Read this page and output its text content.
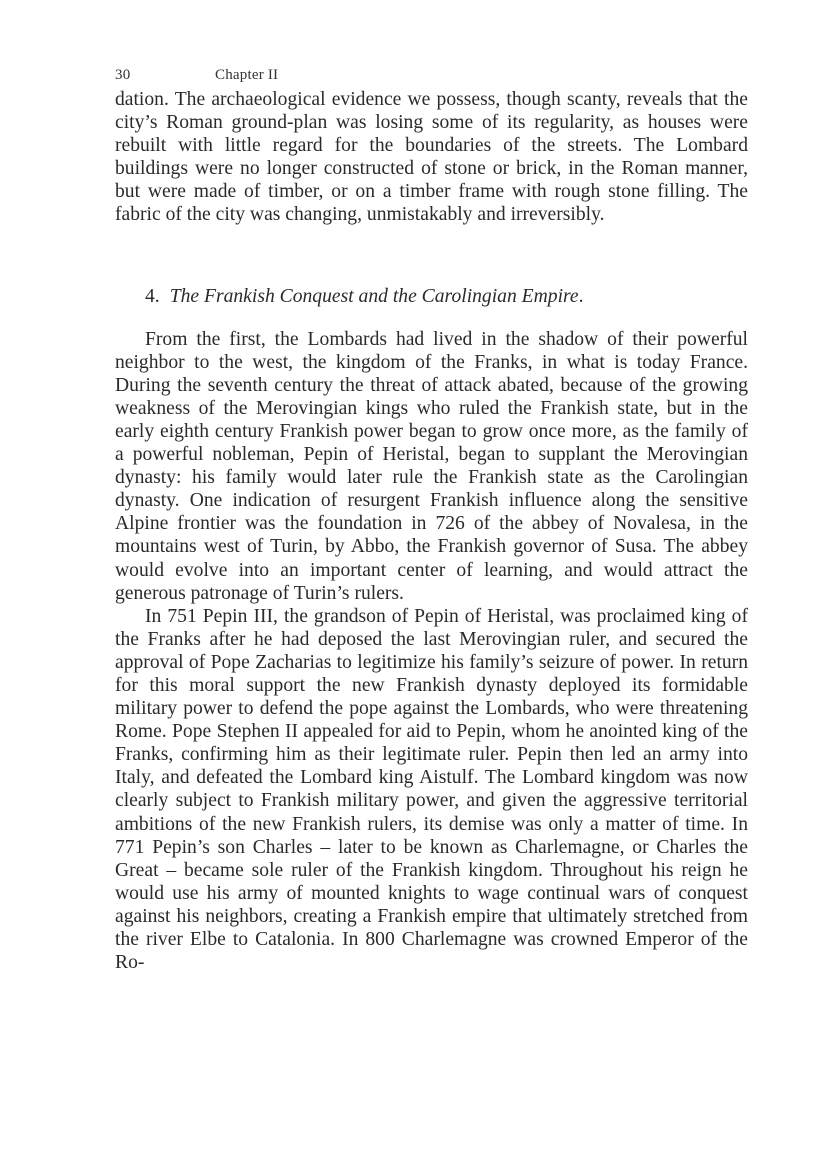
30	Chapter II

dation. The archaeological evidence we possess, though scanty, reveals that the city’s Roman ground-plan was losing some of its regularity, as houses were rebuilt with little regard for the boundaries of the streets. The Lombard buildings were no longer constructed of stone or brick, in the Roman manner, but were made of timber, or on a timber frame with rough stone filling. The fabric of the city was changing, unmistakably and irreversibly.

4. The Frankish Conquest and the Carolingian Empire.

From the first, the Lombards had lived in the shadow of their powerful neighbor to the west, the kingdom of the Franks, in what is today France. During the seventh century the threat of attack abated, because of the growing weakness of the Merovingian kings who ruled the Frankish state, but in the early eighth century Frankish power began to grow once more, as the family of a powerful nobleman, Pepin of Heristal, began to supplant the Merovingian dynasty: his family would later rule the Frankish state as the Carolingian dynasty. One indication of resurgent Frankish influence along the sensitive Alpine frontier was the foundation in 726 of the abbey of Novalesa, in the mountains west of Turin, by Abbo, the Frankish governor of Susa. The abbey would evolve into an important center of learning, and would attract the generous patronage of Turin’s rulers.

In 751 Pepin III, the grandson of Pepin of Heristal, was proclaimed king of the Franks after he had deposed the last Merovingian ruler, and secured the approval of Pope Zacharias to legitimize his family’s seizure of power. In return for this moral support the new Frankish dynasty deployed its formidable military power to defend the pope against the Lombards, who were threatening Rome. Pope Stephen II appealed for aid to Pepin, whom he anointed king of the Franks, confirming him as their legitimate ruler. Pepin then led an army into Italy, and defeated the Lombard king Aistulf. The Lombard kingdom was now clearly subject to Frankish military power, and given the aggressive territorial ambitions of the new Frankish rulers, its demise was only a matter of time. In 771 Pepin’s son Charles – later to be known as Charlemagne, or Charles the Great – became sole ruler of the Frankish kingdom. Throughout his reign he would use his army of mounted knights to wage continual wars of conquest against his neighbors, creating a Frankish empire that ultimately stretched from the river Elbe to Catalonia. In 800 Charlemagne was crowned Emperor of the Ro-
